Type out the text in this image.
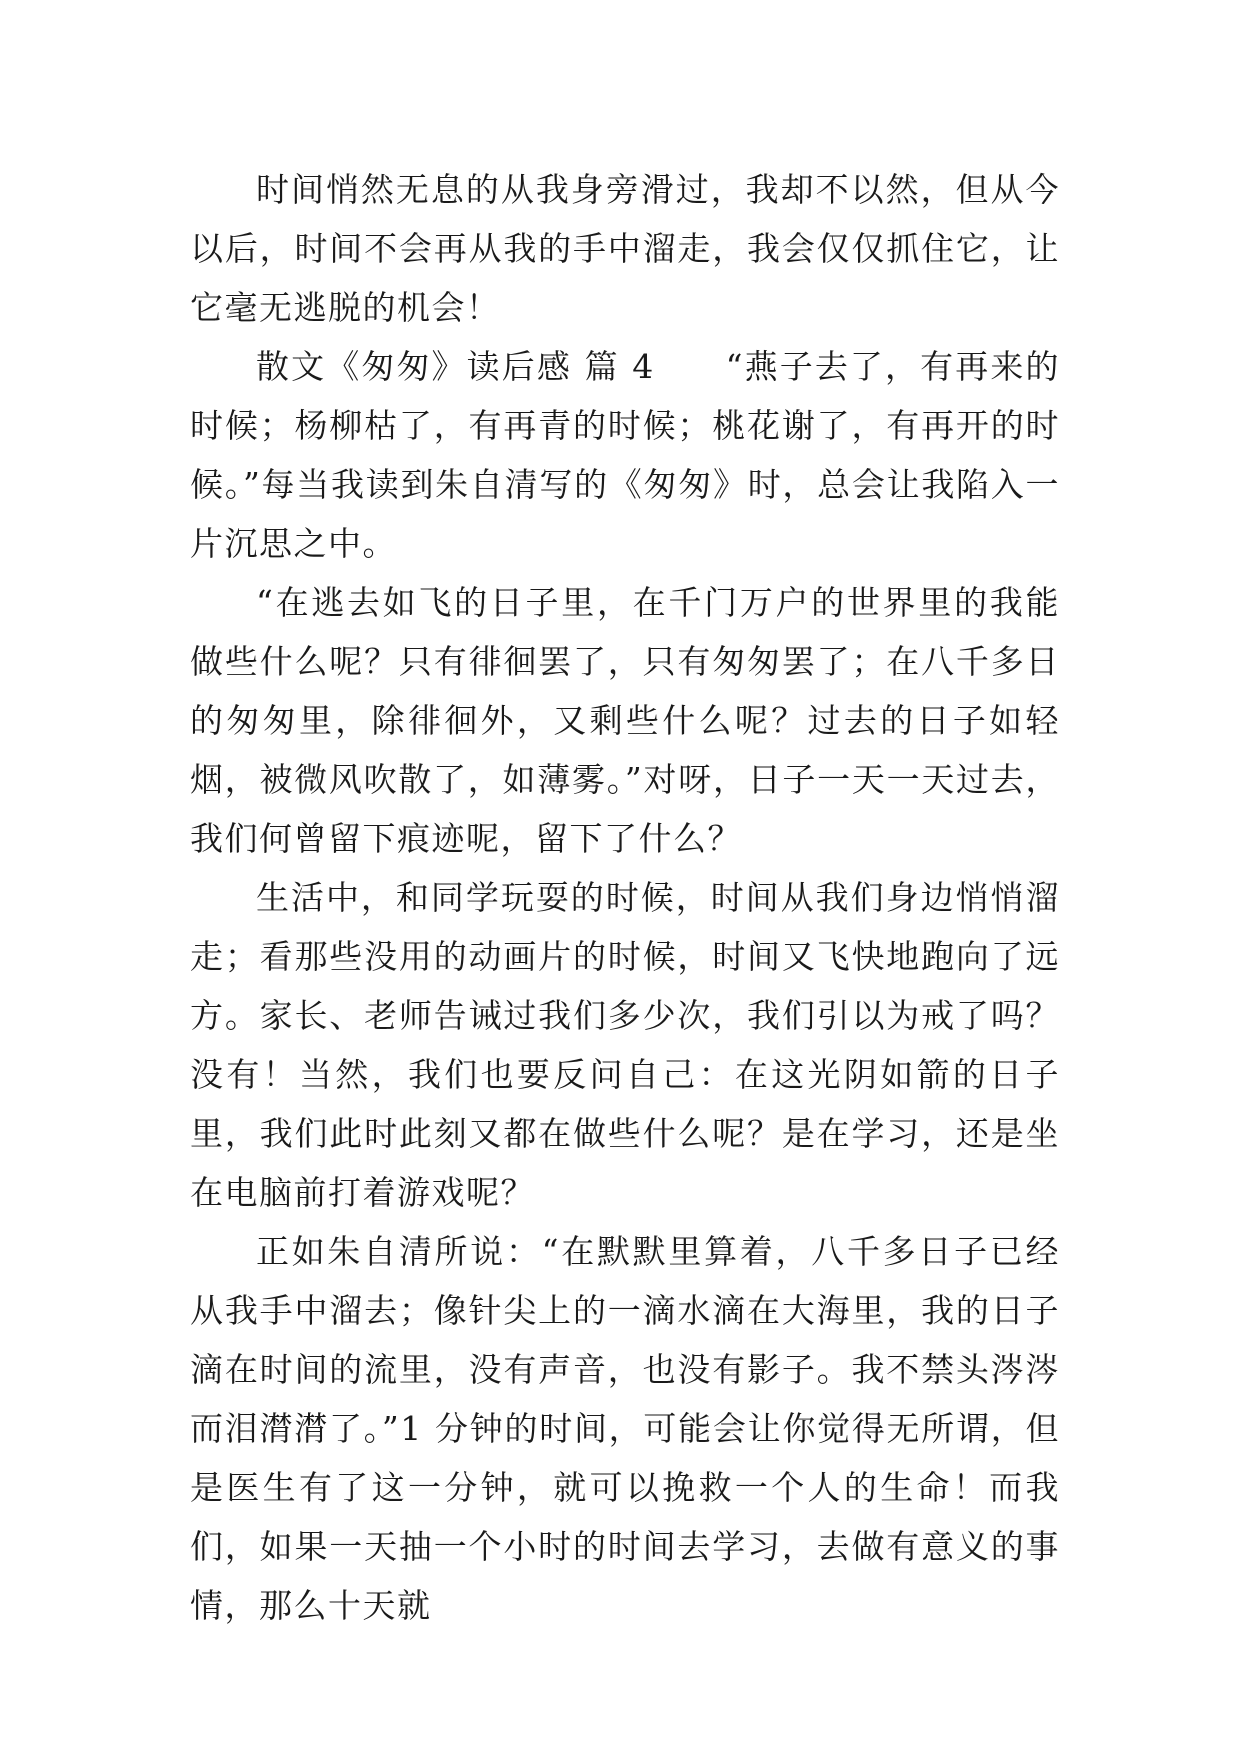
时间悄然无息的从我身旁滑过，我却不以然，但从今以后，时间不会再从我的手中溜走，我会仅仅抓住它，让它毫无逃脱的机会！

散文《匆匆》读后感 篇 4　　“燕子去了，有再来的时候；杨柳枯了，有再青的时候；桃花谢了，有再开的时候。”每当我读到朱自清写的《匆匆》时，总会让我陷入一片沉思之中。

“在逃去如飞的日子里，在千门万户的世界里的我能做些什么呢？只有徘徊罢了，只有匆匆罢了；在八千多日的匆匆里，除徘徊外，又剩些什么呢？过去的日子如轻烟，被微风吹散了，如薄雾。”对呀，日子一天一天过去，我们何曾留下痕迹呢，留下了什么？

生活中，和同学玩耍的时候，时间从我们身边悄悄溜走；看那些没用的动画片的时候，时间又飞快地跑向了远方。家长、老师告诫过我们多少次，我们引以为戒了吗？没有！当然，我们也要反问自己：在这光阴如箭的日子里，我们此时此刻又都在做些什么呢？是在学习，还是坐在电脑前打着游戏呢？

正如朱自清所说：“在默默里算着，八千多日子已经从我手中溜去；像针尖上的一滴水滴在大海里，我的日子滴在时间的流里，没有声音，也没有影子。我不禁头涔涔而泪潸潸了。”1 分钟的时间，可能会让你觉得无所谓，但是医生有了这一分钟，就可以挽救一个人的生命！而我们，如果一天抽一个小时的时间去学习，去做有意义的事情，那么十天就
